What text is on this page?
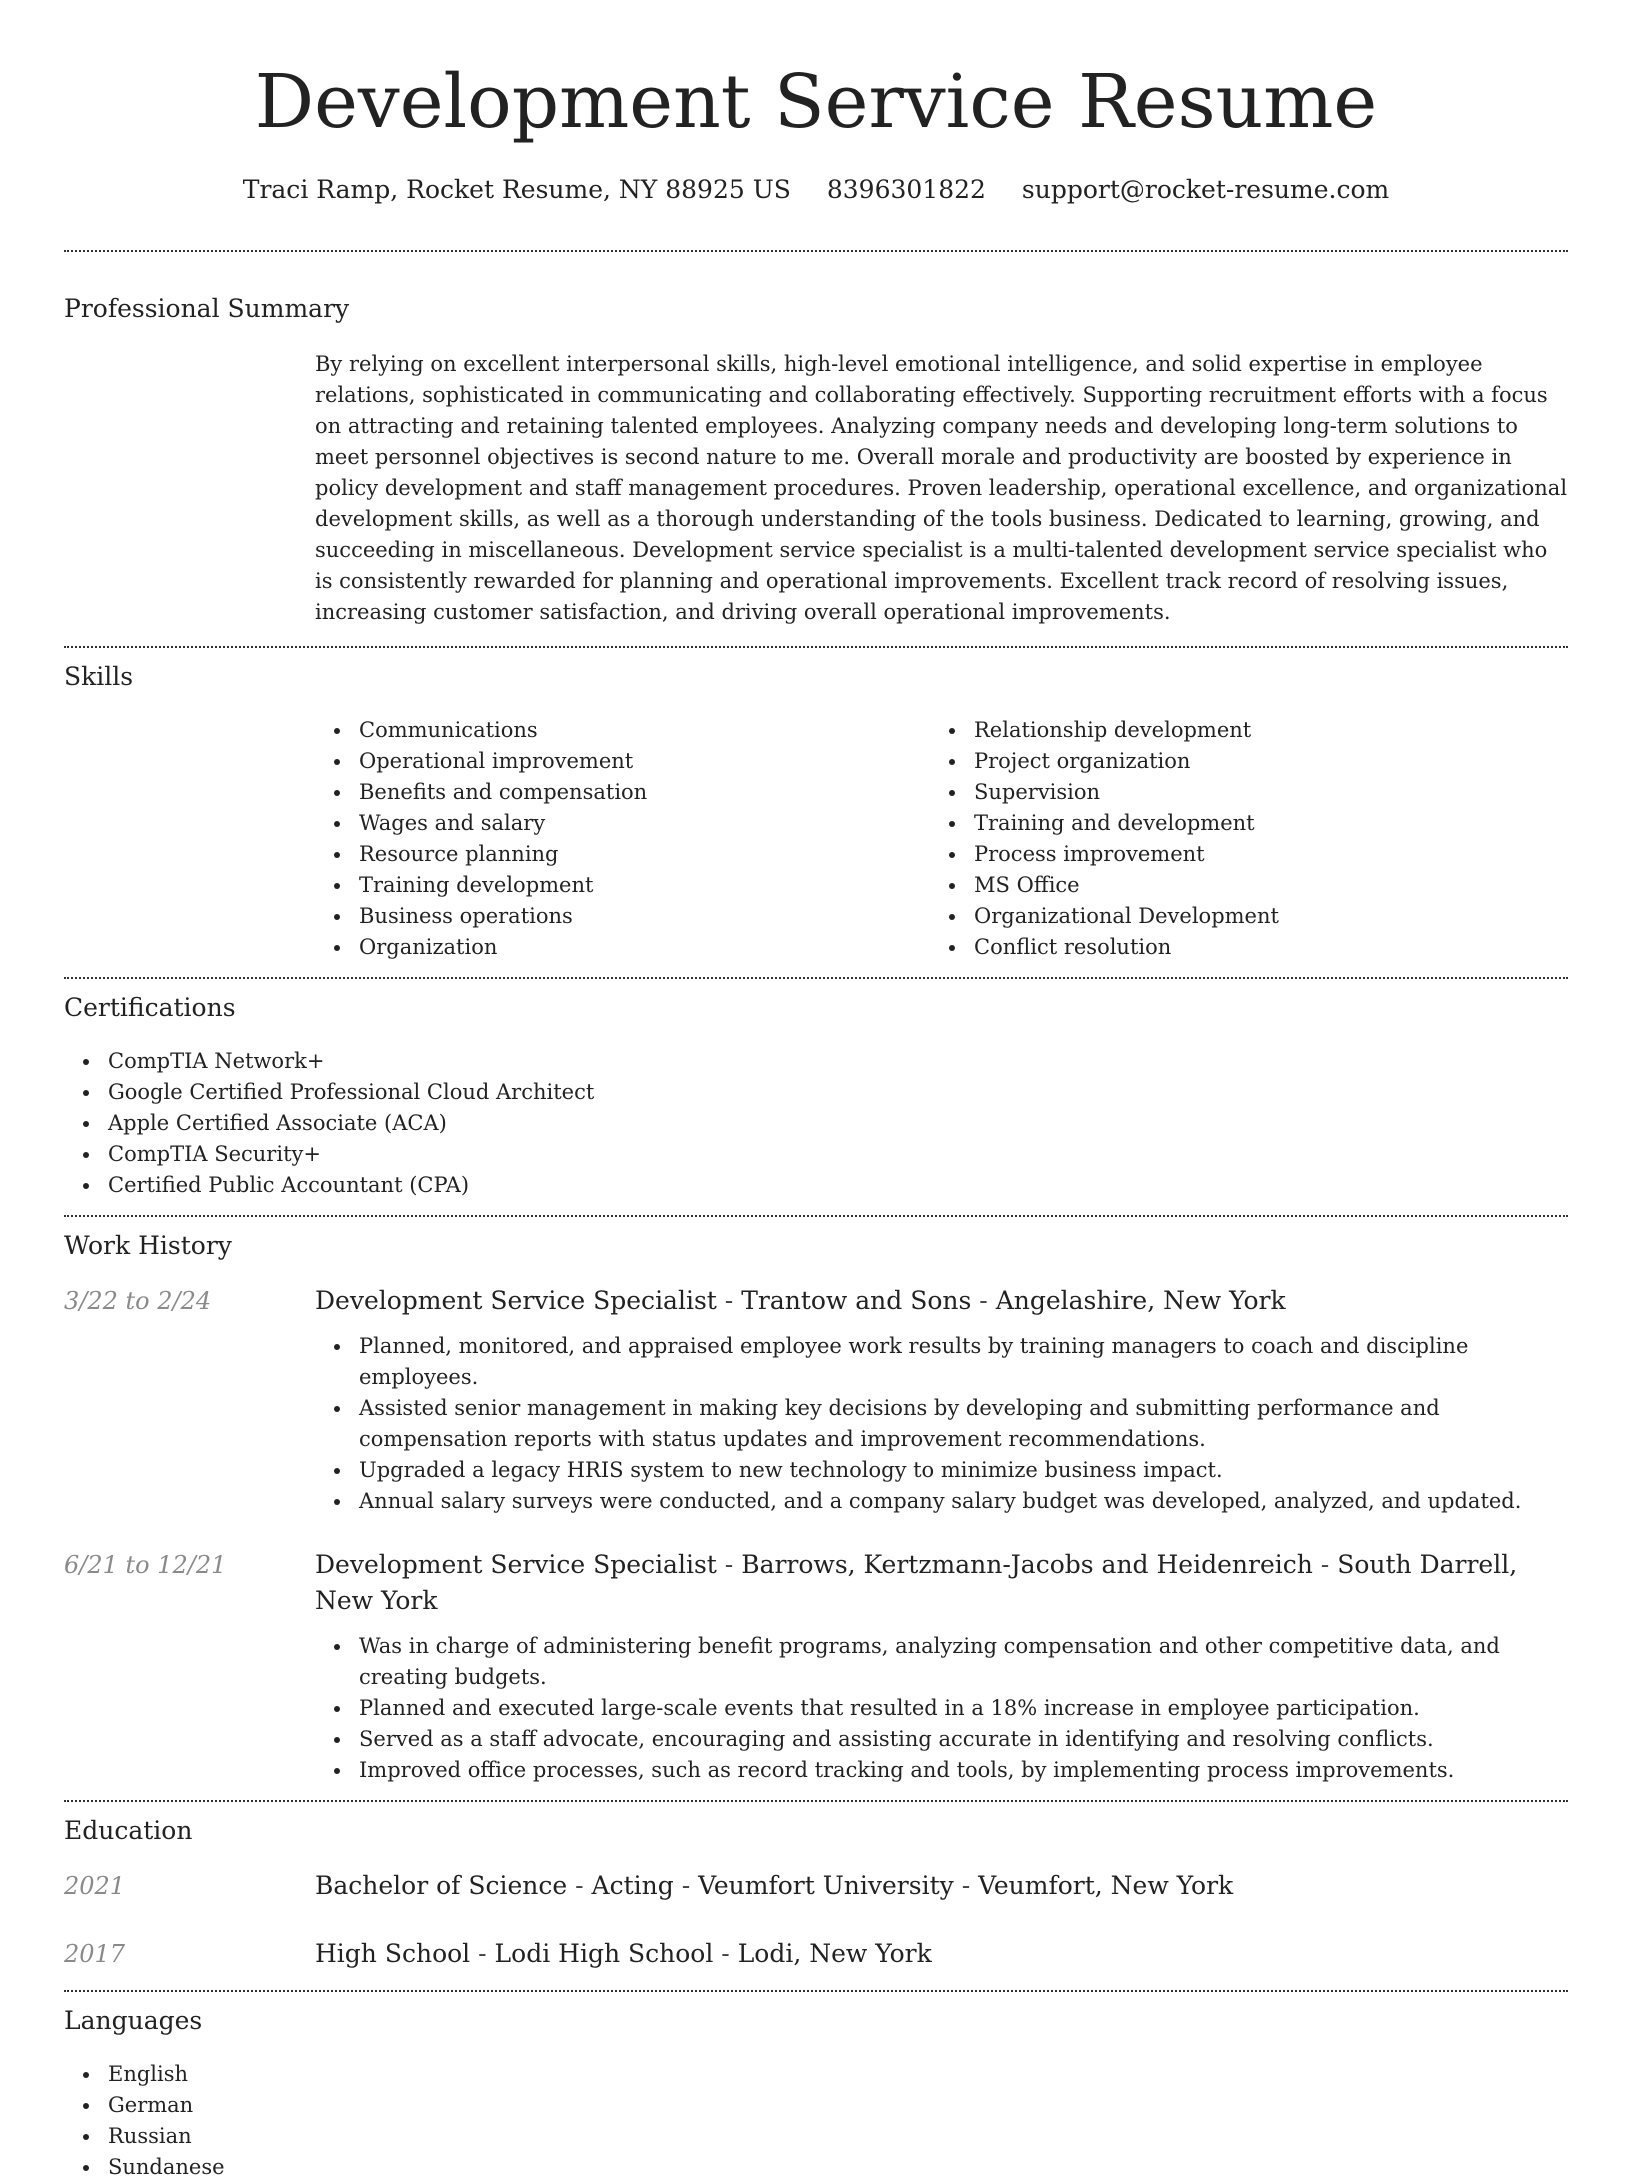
Development Service Resume
Traci Ramp, Rocket Resume, NY 88925 US 8396301822 support@rocket-resume.com
Professional Summary

By relying on excellent interpersonal skills, high-level emotional intelligence, and solid expertise in employee relations, sophisticated in communicating and collaborating effectively. Supporting recruitment efforts with a focus on attracting and retaining talented employees. Analyzing company needs and developing long-term solutions to meet personnel objectives is second nature to me. Overall morale and productivity are boosted by experience in policy development and staff management procedures. Proven leadership, operational excellence, and organizational development skills, as well as a thorough understanding of the tools business. Dedicated to learning, growing, and succeeding in miscellaneous. Development service specialist is a multi-talented development service specialist who is consistently rewarded for planning and operational improvements. Excellent track record of resolving issues, increasing customer satisfaction, and driving overall operational improvements.

Skills
Communications
Operational improvement
Benefits and compensation
Wages and salary
Resource planning
Training development
Business operations
Organization
Relationship development
Project organization
Supervision
Training and development
Process improvement
MS Office
Organizational Development
Conflict resolution
Certifications
CompTIA Network+
Google Certified Professional Cloud Architect
Apple Certified Associate (ACA)
CompTIA Security+
Certified Public Accountant (CPA)
Work History
3/22 to 2/24	Development Service Specialist - Trantow and Sons - Angelashire, New York
Planned, monitored, and appraised employee work results by training managers to coach and discipline employees.
Assisted senior management in making key decisions by developing and submitting performance and compensation reports with status updates and improvement recommendations.
Upgraded a legacy HRIS system to new technology to minimize business impact.
Annual salary surveys were conducted, and a company salary budget was developed, analyzed, and updated.
6/21 to 12/21	Development Service Specialist - Barrows, Kertzmann-Jacobs and Heidenreich - South Darrell, New York
Was in charge of administering benefit programs, analyzing compensation and other competitive data, and creating budgets.
Planned and executed large-scale events that resulted in a 18% increase in employee participation.
Served as a staff advocate, encouraging and assisting accurate in identifying and resolving conflicts.
Improved office processes, such as record tracking and tools, by implementing process improvements.
Education
2021	Bachelor of Science - Acting - Veumfort University - Veumfort, New York
2017	High School - Lodi High School - Lodi, New York
Languages
English
German
Russian
Sundanese
